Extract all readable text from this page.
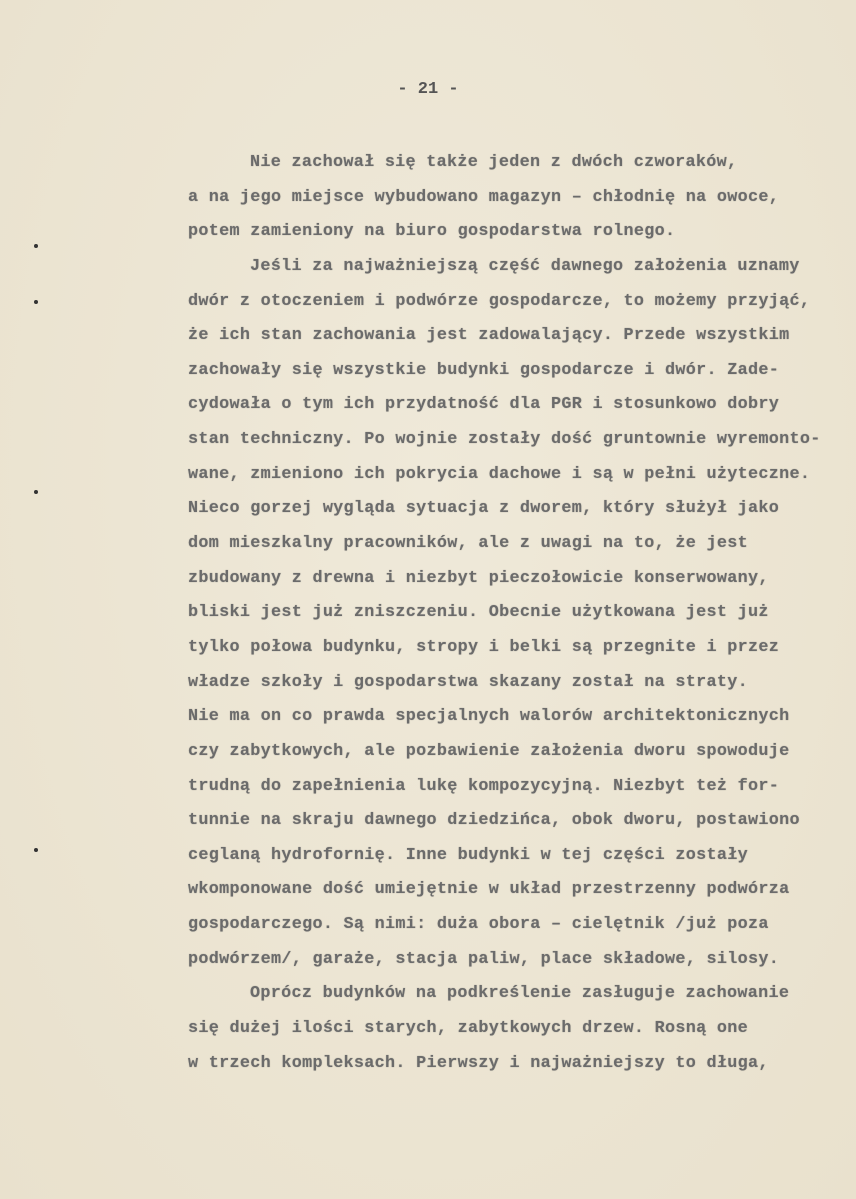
- 21 -
Nie zachował się także jeden z dwóch czworaków,
a na jego miejsce wybudowano magazyn – chłodnię na owoce,
potem zamieniony na biuro gospodarstwa rolnego.
Jeśli za najważniejszą część dawnego założenia uznamy
dwór z otoczeniem i podwórze gospodarcze, to możemy przyjąć,
że ich stan zachowania jest zadowalający. Przede wszystkim
zachowały się wszystkie budynki gospodarcze i dwór. Zade-
cydowała o tym ich przydatność dla PGR i stosunkowo dobry
stan techniczny. Po wojnie zostały dość gruntownie wyremonto-
wane, zmieniono ich pokrycia dachowe i są w pełni użyteczne.
Nieco gorzej wygląda sytuacja z dworem, który służył jako
dom mieszkalny pracowników, ale z uwagi na to, że jest
zbudowany z drewna i niezbyt pieczołowicie konserwowany,
bliski jest już zniszczeniu. Obecnie użytkowana jest już
tylko połowa budynku, stropy i belki są przegnite i przez
władze szkoły i gospodarstwa skazany został na straty.
Nie ma on co prawda specjalnych walorów architektonicznych
czy zabytkowych, ale pozbawienie założenia dworu spowoduje
trudną do zapełnienia lukę kompozycyjną. Niezbyt też for-
tunnie na skraju dawnego dziedzińca, obok dworu, postawiono
ceglaną hydrofornię. Inne budynki w tej części zostały
wkomponowane dość umiejętnie w układ przestrzenny podwórza
gospodarczego. Są nimi: duża obora – cielętnik /już poza
podwórzem/, garaże, stacja paliw, place składowe, silosy.
Oprócz budynków na podkreślenie zasługuje zachowanie
się dużej ilości starych, zabytkowych drzew. Rosną one
w trzech kompleksach. Pierwszy i najważniejszy to długa,
